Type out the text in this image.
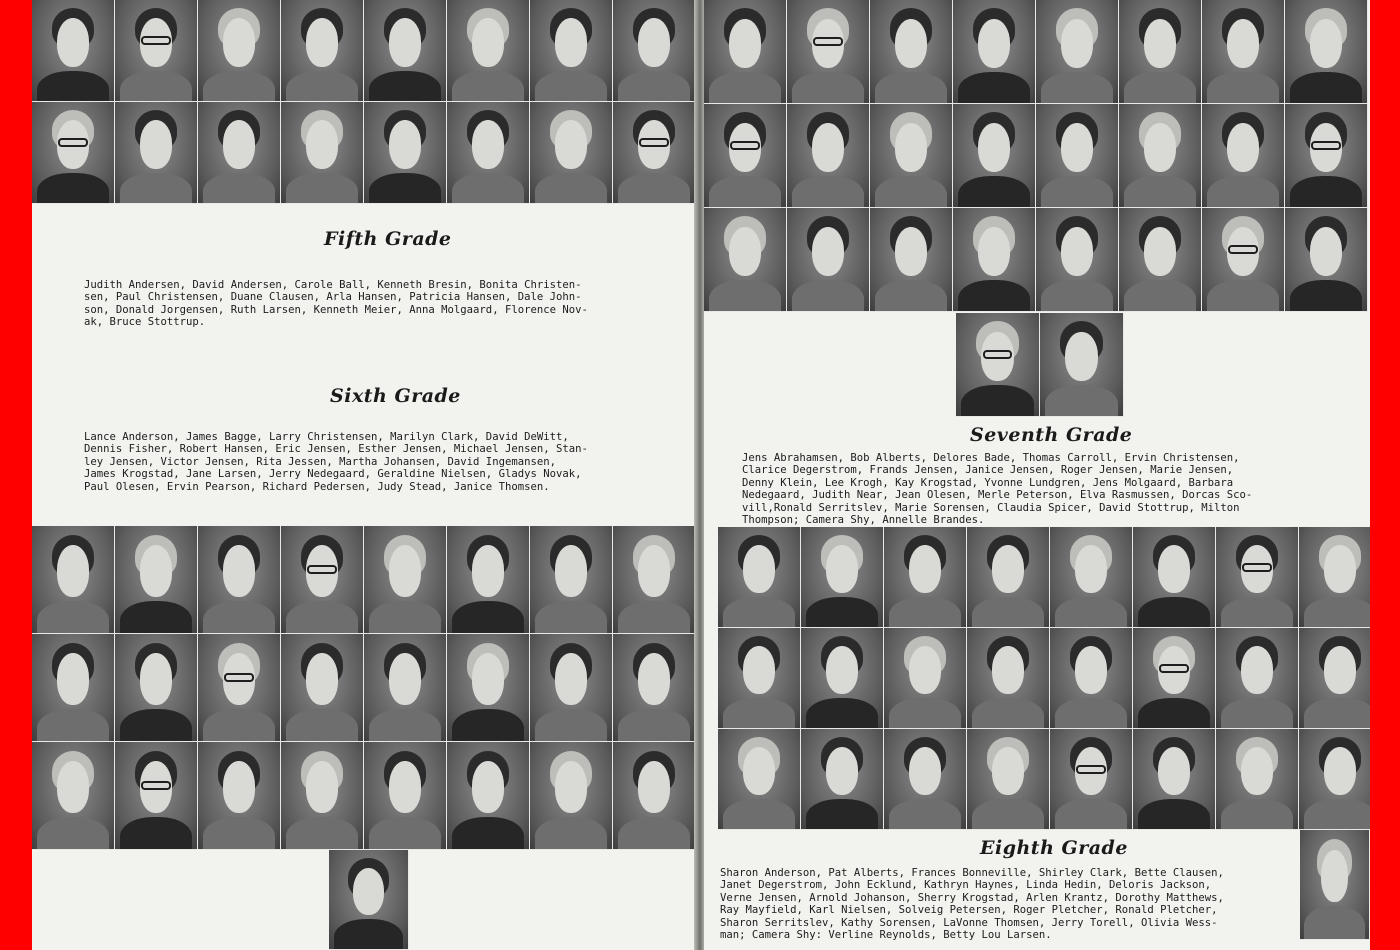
Fifth Grade
Judith Andersen, David Andersen, Carole Ball, Kenneth Bresin, Bonita Christen-
sen, Paul Christensen, Duane Clausen, Arla Hansen, Patricia Hansen, Dale John-
son, Donald Jorgensen, Ruth Larsen, Kenneth Meier, Anna Molgaard, Florence Nov-
ak, Bruce Stottrup.
Sixth Grade
Lance Anderson, James Bagge, Larry Christensen, Marilyn Clark, David DeWitt,
Dennis Fisher, Robert Hansen, Eric Jensen, Esther Jensen, Michael Jensen, Stan-
ley Jensen, Victor Jensen, Rita Jessen, Martha Johansen, David Ingemansen,
James Krogstad, Jane Larsen, Jerry Nedegaard, Geraldine Nielsen, Gladys Novak,
Paul Olesen, Ervin Pearson, Richard Pedersen, Judy Stead, Janice Thomsen.
Seventh Grade
Jens Abrahamsen, Bob Alberts, Delores Bade, Thomas Carroll, Ervin Christensen,
Clarice Degerstrom, Frands Jensen, Janice Jensen, Roger Jensen, Marie Jensen,
Denny Klein, Lee Krogh, Kay Krogstad, Yvonne Lundgren, Jens Molgaard, Barbara
Nedegaard, Judith Near, Jean Olesen, Merle Peterson, Elva Rasmussen, Dorcas Sco-
vill,Ronald Serritslev, Marie Sorensen, Claudia Spicer, David Stottrup, Milton
Thompson; Camera Shy, Annelle Brandes.
Eighth Grade
Sharon Anderson, Pat Alberts, Frances Bonneville, Shirley Clark, Bette Clausen,
Janet Degerstrom, John Ecklund, Kathryn Haynes, Linda Hedin, Deloris Jackson,
Verne Jensen, Arnold Johanson, Sherry Krogstad, Arlen Krantz, Dorothy Matthews,
Ray Mayfield, Karl Nielsen, Solveig Petersen, Roger Pletcher, Ronald Pletcher,
Sharon Serritslev, Kathy Sorensen, LaVonne Thomsen, Jerry Torell, Olivia Wess-
man; Camera Shy: Verline Reynolds, Betty Lou Larsen.
